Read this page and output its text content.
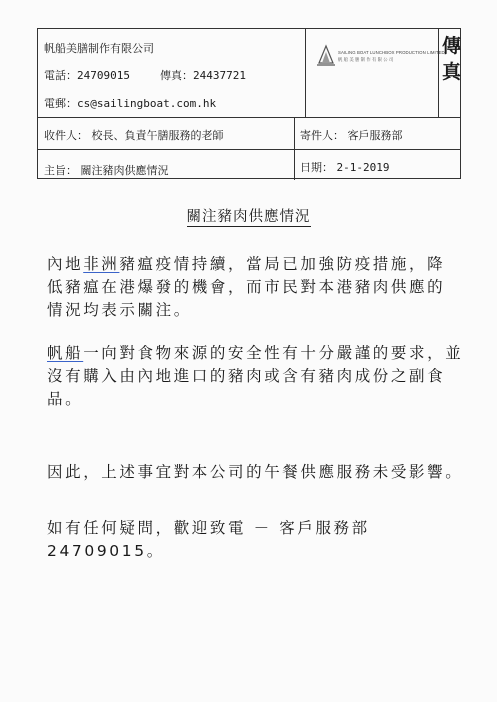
帆船美膳制作有限公司
電話：24709015	傳真：24437721
電郵：cs@sailingboat.com.hk
SAILING BOAT LUNCHBOX PRODUCTION LIMITED
帆 船 美 膳 制 作 有 限 公 司
傳
真
收件人： 校長、負責午膳服務的老師	寄件人： 客戶服務部
主旨： 關注豬肉供應情況	日期： 2-1-2019
關注豬肉供應情況
內地非洲豬瘟疫情持續，當局已加強防疫措施，降
低豬瘟在港爆發的機會，而市民對本港豬肉供應的
情況均表示關注。
帆船一向對食物來源的安全性有十分嚴謹的要求，並
沒有購入由內地進口的豬肉或含有豬肉成份之副食
品。
因此，上述事宜對本公司的午餐供應服務未受影響。
如有任何疑問，歡迎致電 － 客戶服務部 24709015。
